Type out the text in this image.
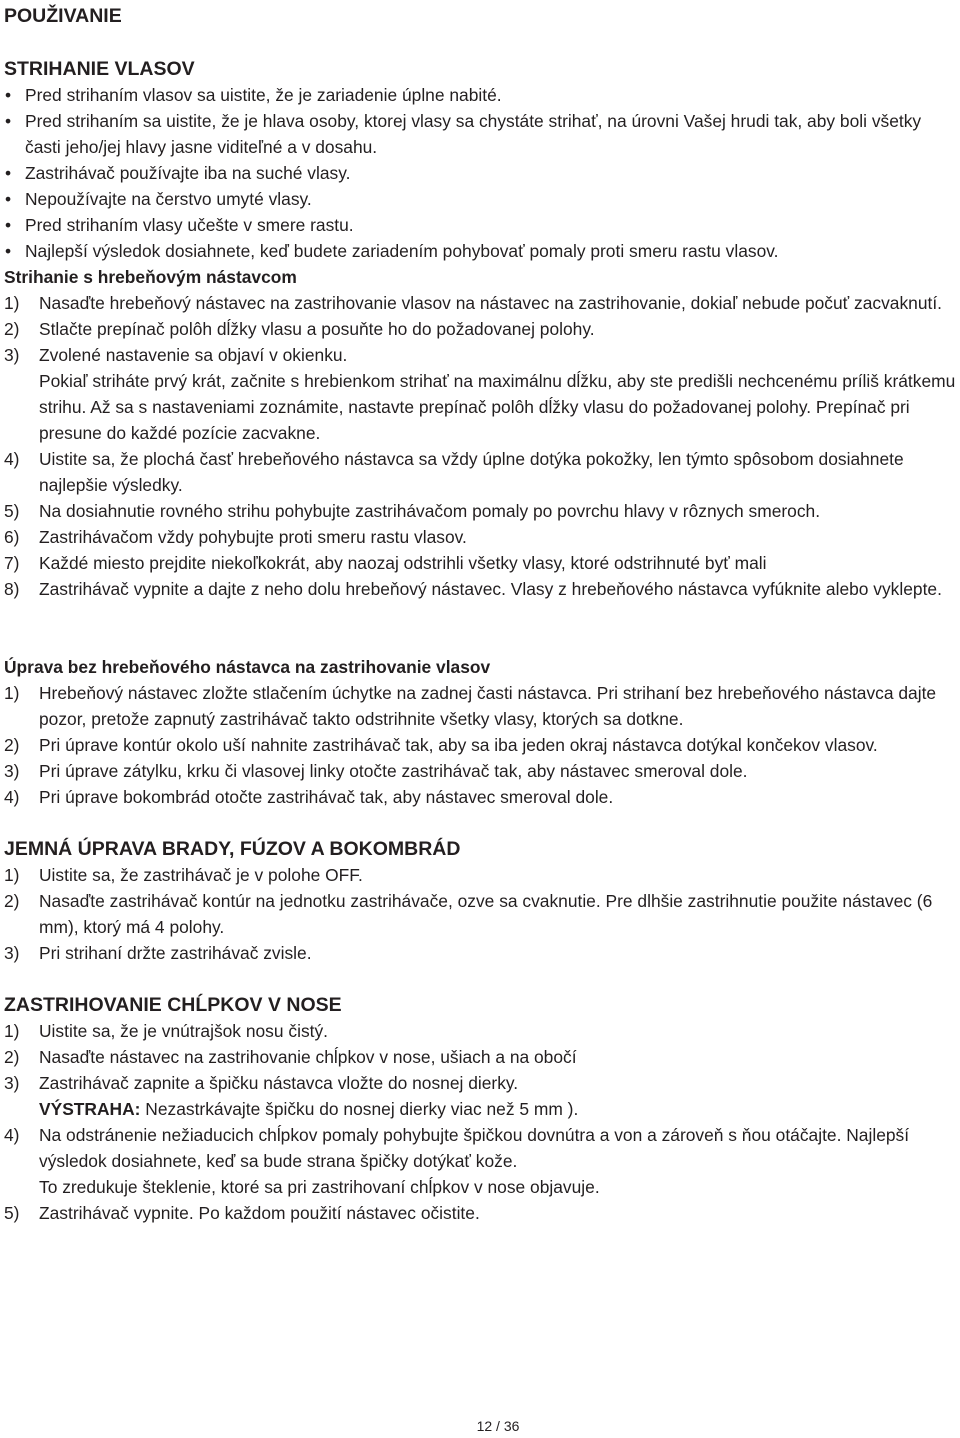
POUŽIVANIE
STRIHANIE VLASOV

• Pred strihaním vlasov sa uistite, že je zariadenie úplne nabité.

• Pred strihaním sa uistite, že je hlava osoby, ktorej vlasy sa chystáte strihať, na úrovni Vašej hrudi tak, aby boli všetky časti jeho/jej hlavy jasne viditeľné a v dosahu.

• Zastrihávač používajte iba na suché vlasy.

• Nepoužívajte na čerstvo umyté vlasy.

• Pred strihaním vlasy učešte v smere rastu.

• Najlepší výsledok dosiahnete, keď budete zariadením pohybovať pomaly proti smeru rastu vlasov.

Strihanie s hrebeňovým nástavcom

1) Nasaďte hrebeňový nástavec na zastrihovanie vlasov na nástavec na zastrihovanie, dokiaľ nebude počuť zacvaknutí.

2) Stlačte prepínač polôh dĺžky vlasu a posuňte ho do požadovanej polohy.

3) Zvolené nastavenie sa objaví v okienku.

Pokiaľ strihátе prvý krát, začnite s hrebienkom strihať na maximálnu dĺžku, aby ste predišli nechcenému príliš krátkemu strihu. Až sa s nastaveniami zoznámite, nastavte prepínač polôh dĺžky vlasu do požadovanej polohy. Prepínač pri presune do každé pozície zacvakne.

4) Uistite sa, že plochá časť hrebeňového nástavca sa vždy úplne dotýka pokožky, len týmto spôsobom dosiahnete najlepšie výsledky.

5) Na dosiahnutie rovného strihu pohybujte zastrihávačom pomaly po povrchu hlavy v rôznych smeroch.

6) Zastrihávačom vždy pohybujte proti smeru rastu vlasov.

7) Každé miesto prejdite niekoľkokrát, aby naozaj odstrihli všetky vlasy, ktoré odstrihnuté byť mali

8) Zastrihávač vypnite a dajte z neho dolu hrebeňový nástavec. Vlasy z hrebeňového nástavca vyfúknite alebo vyklepte.

Úprava bez hrebeňového nástavca na zastrihovanie vlasov

1) Hrebeňový nástavec zložte stlačením úchytke na zadnej časti nástavca. Pri strihaní bez hrebeňového nástavca dajte pozor, pretože zapnutý zastrihávač takto odstrihnite všetky vlasy, ktorých sa dotkne.

2) Pri úprave kontúr okolo uší nahnite zastrihávač tak, aby sa iba jeden okraj nástavca dotýkal končekov vlasov.

3) Pri úprave zátylku, krku či vlasovej linky otočte zastrihávač tak, aby nástavec smeroval dole.

4) Pri úprave bokombrád otočte zastrihávač tak, aby nástavec smeroval dole.

JEMNÁ ÚPRAVA BRADY, FÚZOV A BOKOMBRÁD

1) Uistite sa, že zastrihávač je v polohe OFF.

2) Nasaďte zastrihávač kontúr na jednotku zastrihávače, ozve sa cvaknutie. Pre dlhšie zastrihnutie použite nástavec (6 mm), ktorý má 4 polohy.

3) Pri strihaní držte zastrihávač zvisle.

ZASTRIHOVANIE CHĹPKOV V NOSE

1) Uistite sa, že je vnútrajšok nosu čistý.

2) Nasaďte nástavec na zastrihovanie chĺpkov v nose, ušiach a na obočí

3) Zastrihávač zapnite a špičku nástavca vložte do nosnej dierky.

VÝSTRAHA: Nezastrkávajte špičku do nosnej dierky viac než 5 mm ).

4) Na odstránenie nežiaducich chĺpkov pomaly pohybujte špičkou dovnútra a von a zároveň s ňou otáčajte. Najlepší výsledok dosiahnete, keď sa bude strana špičky dotýkať kože.

To zredukuje šteklenie, ktoré sa pri zastrihovaní chĺpkov v nose objavuje.

5) Zastrihávač vypnite. Po každom použití nástavec očistite.

12 / 36
